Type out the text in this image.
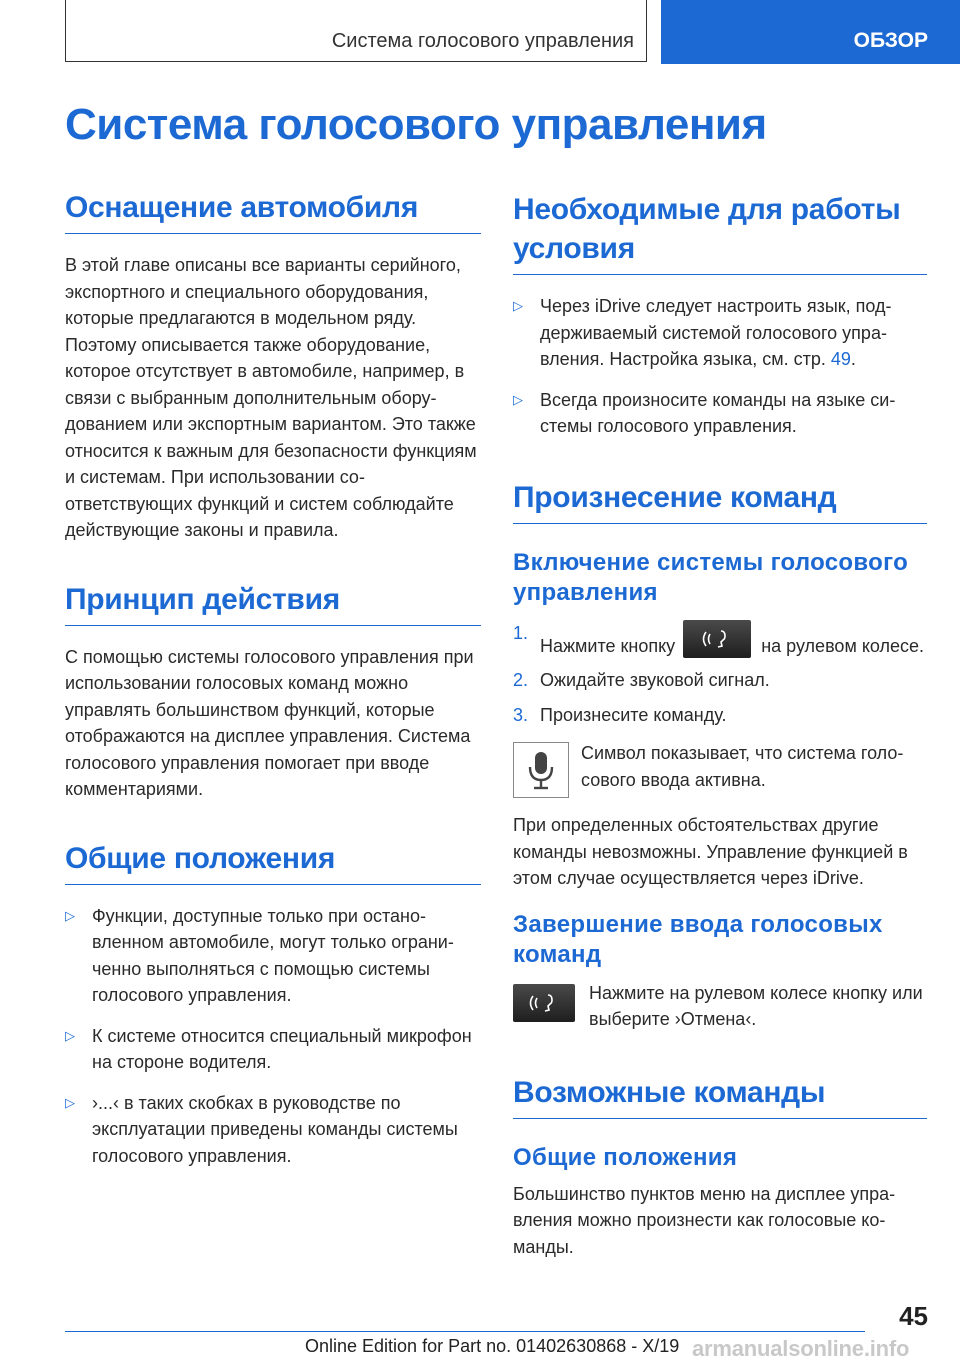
Система голосового управления	ОБЗОР
Система голосового управления
Оснащение автомобиля

В этой главе описаны все варианты серийного, экспортного и специального оборудования, которые предлагаются в модельном ряду. Поэтому описывается также оборудование, которое отсутствует в автомобиле, например, в связи с выбранным дополнительным оборудованием или экспортным вариантом. Это также относится к важным для безопасности функциям и системам. При использовании соответствующих функций и систем соблюдайте действующие законы и правила.

Принцип действия

С помощью системы голосового управления при использовании голосовых команд можно управлять большинством функций, которые отображаются на дисплее управления. Система голосового управления помогает при вводе комментариями.

Общие положения
▷ Функции, доступные только при остановленном автомобиле, могут только ограниченно выполняться с помощью системы голосового управления.

▷ К системе относится специальный микрофон на стороне водителя.

▷ ›...‹ в таких скобках в руководстве по эксплуатации приведены команды системы голосового управления.

Необходимые для работы условия
▷ Через iDrive следует настроить язык, поддерживаемый системой голосового управления. Настройка языка, см. стр. 49.

▷ Всегда произносите команды на языке системы голосового управления.

Произнесение команд
Включение системы голосового управления
1.

Нажмите кнопку	на рулевом колесе.

2. Ожидайте звуковой сигнал.

3. Произнесите команду.

Символ показывает, что система голосового ввода активна.

При определенных обстоятельствах другие команды невозможны. Управление функцией в этом случае осуществляется через iDrive.

Завершение ввода голосовых команд

Нажмите на рулевом колесе кнопку или выберите ›Отмена‹.

Возможные команды
Общие положения

Большинство пунктов меню на дисплее управления можно произнести как голосовые команды.

45
Online Edition for Part no. 01402630868 - X/19 armanualsonline.info
